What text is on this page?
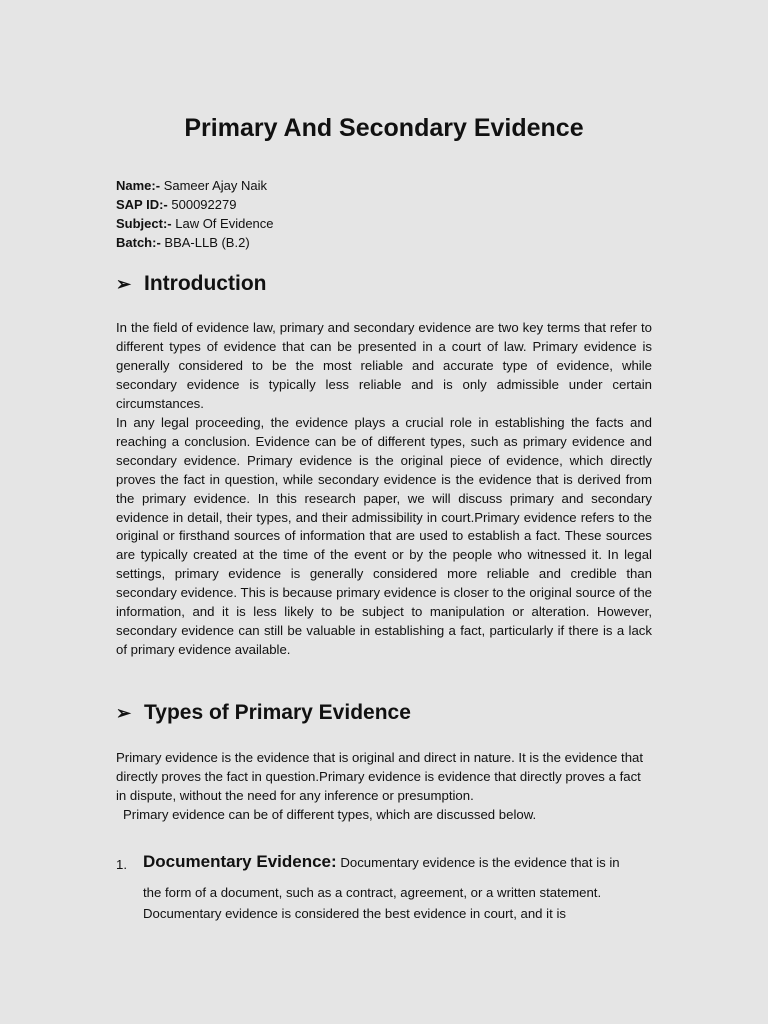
Primary And Secondary Evidence
Name:- Sameer Ajay Naik
SAP ID:- 500092279
Subject:- Law Of Evidence
Batch:- BBA-LLB (B.2)
➢ Introduction

In the field of evidence law, primary and secondary evidence are two key terms that refer to different types of evidence that can be presented in a court of law. Primary evidence is generally considered to be the most reliable and accurate type of evidence, while secondary evidence is typically less reliable and is only admissible under certain circumstances.

In any legal proceeding, the evidence plays a crucial role in establishing the facts and reaching a conclusion. Evidence can be of different types, such as primary evidence and secondary evidence. Primary evidence is the original piece of evidence, which directly proves the fact in question, while secondary evidence is the evidence that is derived from the primary evidence. In this research paper, we will discuss primary and secondary evidence in detail, their types, and their admissibility in court.Primary evidence refers to the original or firsthand sources of information that are used to establish a fact. These sources are typically created at the time of the event or by the people who witnessed it. In legal settings, primary evidence is generally considered more reliable and credible than secondary evidence. This is because primary evidence is closer to the original source of the information, and it is less likely to be subject to manipulation or alteration. However, secondary evidence can still be valuable in establishing a fact, particularly if there is a lack of primary evidence available.

➢ Types of Primary Evidence

Primary evidence is the evidence that is original and direct in nature. It is the evidence that directly proves the fact in question.Primary evidence is evidence that directly proves a fact in dispute, without the need for any inference or presumption.

Primary evidence can be of different types, which are discussed below.

1. Documentary Evidence: Documentary evidence is the evidence that is in
the form of a document, such as a contract, agreement, or a written statement. Documentary evidence is considered the best evidence in court, and it is
